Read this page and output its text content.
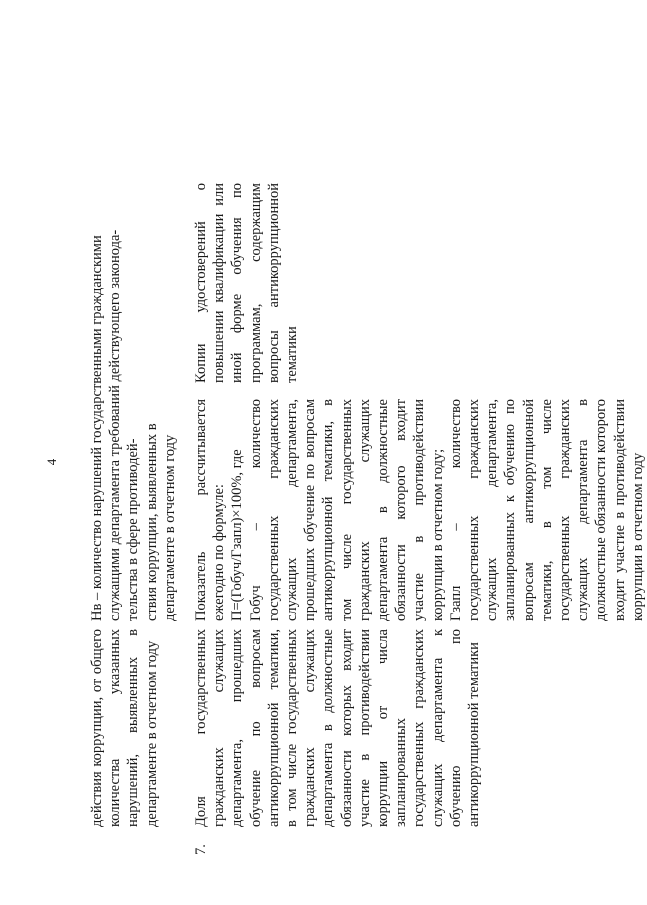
4

действия коррупции, от общего количества указанных нарушений, выявленных в департаменте в отчетном году

Нв – количество нарушений государственными гражданскими служащими департамента требований действующего законода- тельства в сфере противодей- ствия коррупции, выявленных в департаменте в отчетном году
7.

Доля государственных гражданских служащих департамента, прошедших обучение по вопросам антикоррупционной тематики, в том числе государственных гражданских служащих департамента в должностные обязанности которых входит участие в противодействии коррупции от числа запланированных государственных гражданских служащих департамента к обучению по антикоррупционной тематики

Показатель рассчитывается ежегодно по формуле: П=(Гобуч/Гзапл)×100%, где Гобуч – количество государственных гражданских служащих департамента, прошедших обучение по вопросам антикоррупционной тематики, в том числе государственных гражданских служащих департамента в должностные обязанности которого входит участие в противодействии коррупции в отчетном году; Гзапл – количество государственных гражданских служащих департамента, запланированных к обучению по вопросам антикоррупционной тематики, в том числе государственных гражданских служащих департамента в должностные обязанности которого входит участие в противодействии коррупции в отчетном году

Копии удостоверений о повышении квалификации или иной форме обучения по программам, содержащим вопросы антикоррупционной тематики
